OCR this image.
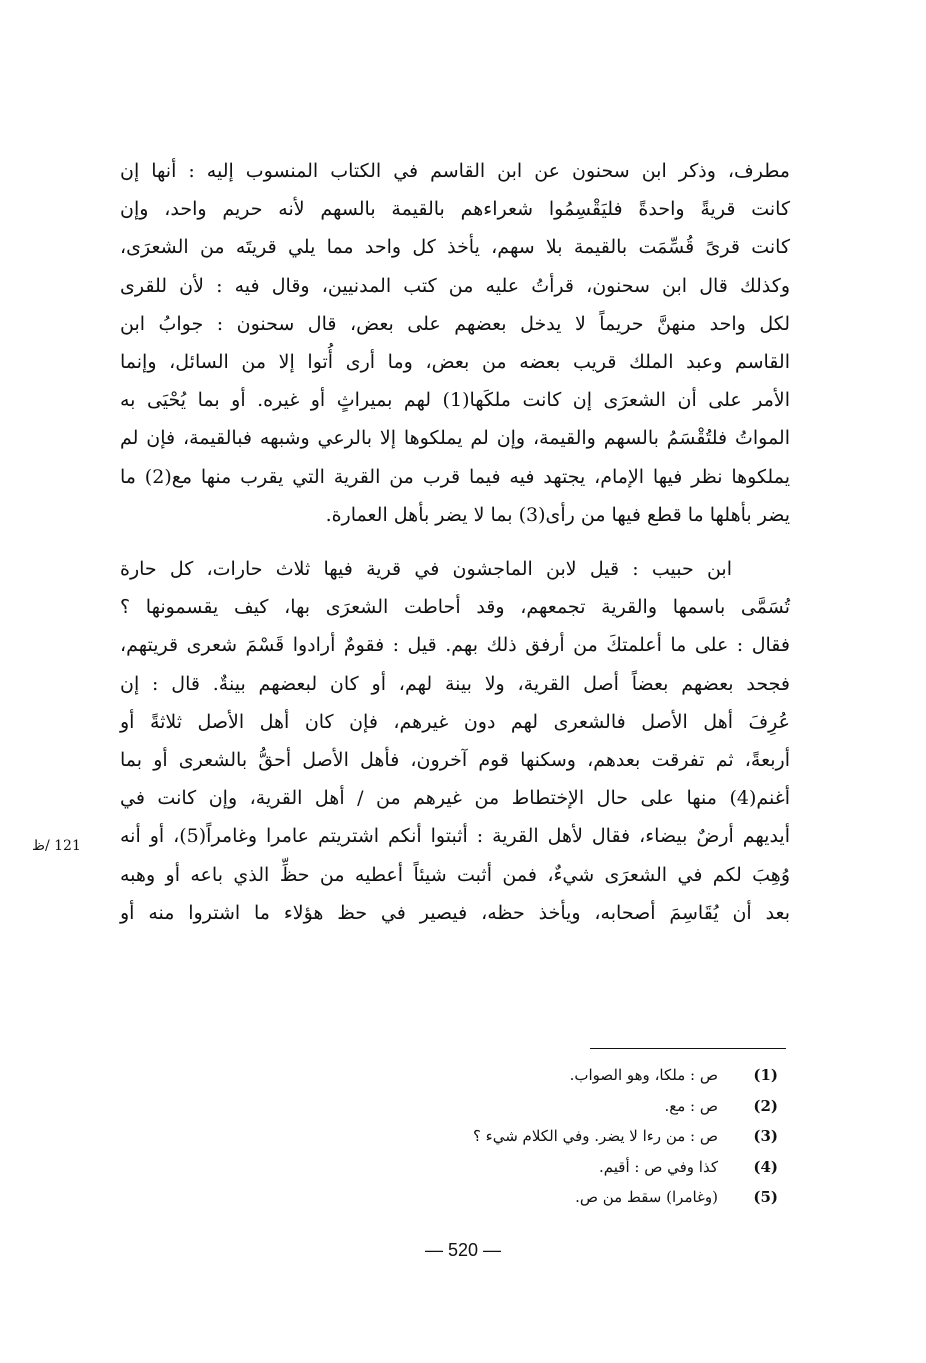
مطرف، وذكر ابن سحنون عن ابن القاسم في الكتاب المنسوب إليه : أنها إن
كانت قريةً واحدةً فليَقْسِمُوا شعراءهم بالقيمة بالسهم لأنه حريم واحد، وإن
كانت قرىً قُسِّمَت بالقيمة بلا سهم، يأخذ كل واحد مما يلي قريتَه من الشعرَى،
وكذلك قال ابن سحنون، قرأتُ عليه من كتب المدنيين، وقال فيه : لأن للقرى
لكل واحد منهنَّ حريماً لا يدخل بعضهم على بعض، قال سحنون : جوابُ ابن
القاسم وعبد الملك قريب بعضه من بعض، وما أرى أُتوا إلا من السائل، وإنما
الأمر على أن الشعرَى إن كانت ملكَها(1) لهم بميراثٍ أو غيره. أو بما يُحْيَى به
المواتُ فلتُقْسَمُ بالسهم والقيمة، وإن لم يملكوها إلا بالرعي وشبهه فبالقيمة، فإن لم
يملكوها نظر فيها الإمام، يجتهد فيه فيما قرب من القرية التي يقرب منها مع(2) ما
يضر بأهلها ما قطع فيها من رأى(3) بما لا يضر بأهل العمارة.

ابن حبيب : قيل لابن الماجشون في قرية فيها ثلاث حارات، كل حارة
تُسَمَّى باسمها والقرية تجمعهم، وقد أحاطت الشعرَى بها، كيف يقسمونها ؟
فقال : على ما أعلمتكَ من أرفق ذلك بهم. قيل : فقومٌ أرادوا قَسْمَ شعرى قريتهم،
فجحد بعضهم بعضاً أصل القرية، ولا بينة لهم، أو كان لبعضهم بينةٌ. قال : إن
عُرِفَ أهل الأصل فالشعرى لهم دون غيرهم، فإن كان أهل الأصل ثلاثةً أو
أربعةً، ثم تفرقت بعدهم، وسكنها قوم آخرون، فأهل الأصل أحقُّ بالشعرى أو بما
أغنم(4) منها على حال الإختطاط من غيرهم من / أهل القرية، وإن كانت في
أيديهم أرضٌ بيضاء، فقال لأهل القرية : أثبتوا أنكم اشتريتم عامرا وغامراً(5)، أو أنه
وُهِبَ لكم في الشعرَى شيءٌ، فمن أثبت شيئاً أعطيه من حظِّ الذي باعه أو وهبه
بعد أن يُقَاسِمَ أصحابه، ويأخذ حظه، فيصير في حظ هؤلاء ما اشتروا منه أو

121 /ظ
(1)
ص : ملكا، وهو الصواب.
(2)
ص : مع.
(3)
ص : من رءا لا يضر. وفي الكلام شيء ؟
(4)
كذا وفي ص : أقيم.
(5)
(وغامرا) سقط من ص.
— 520 —
